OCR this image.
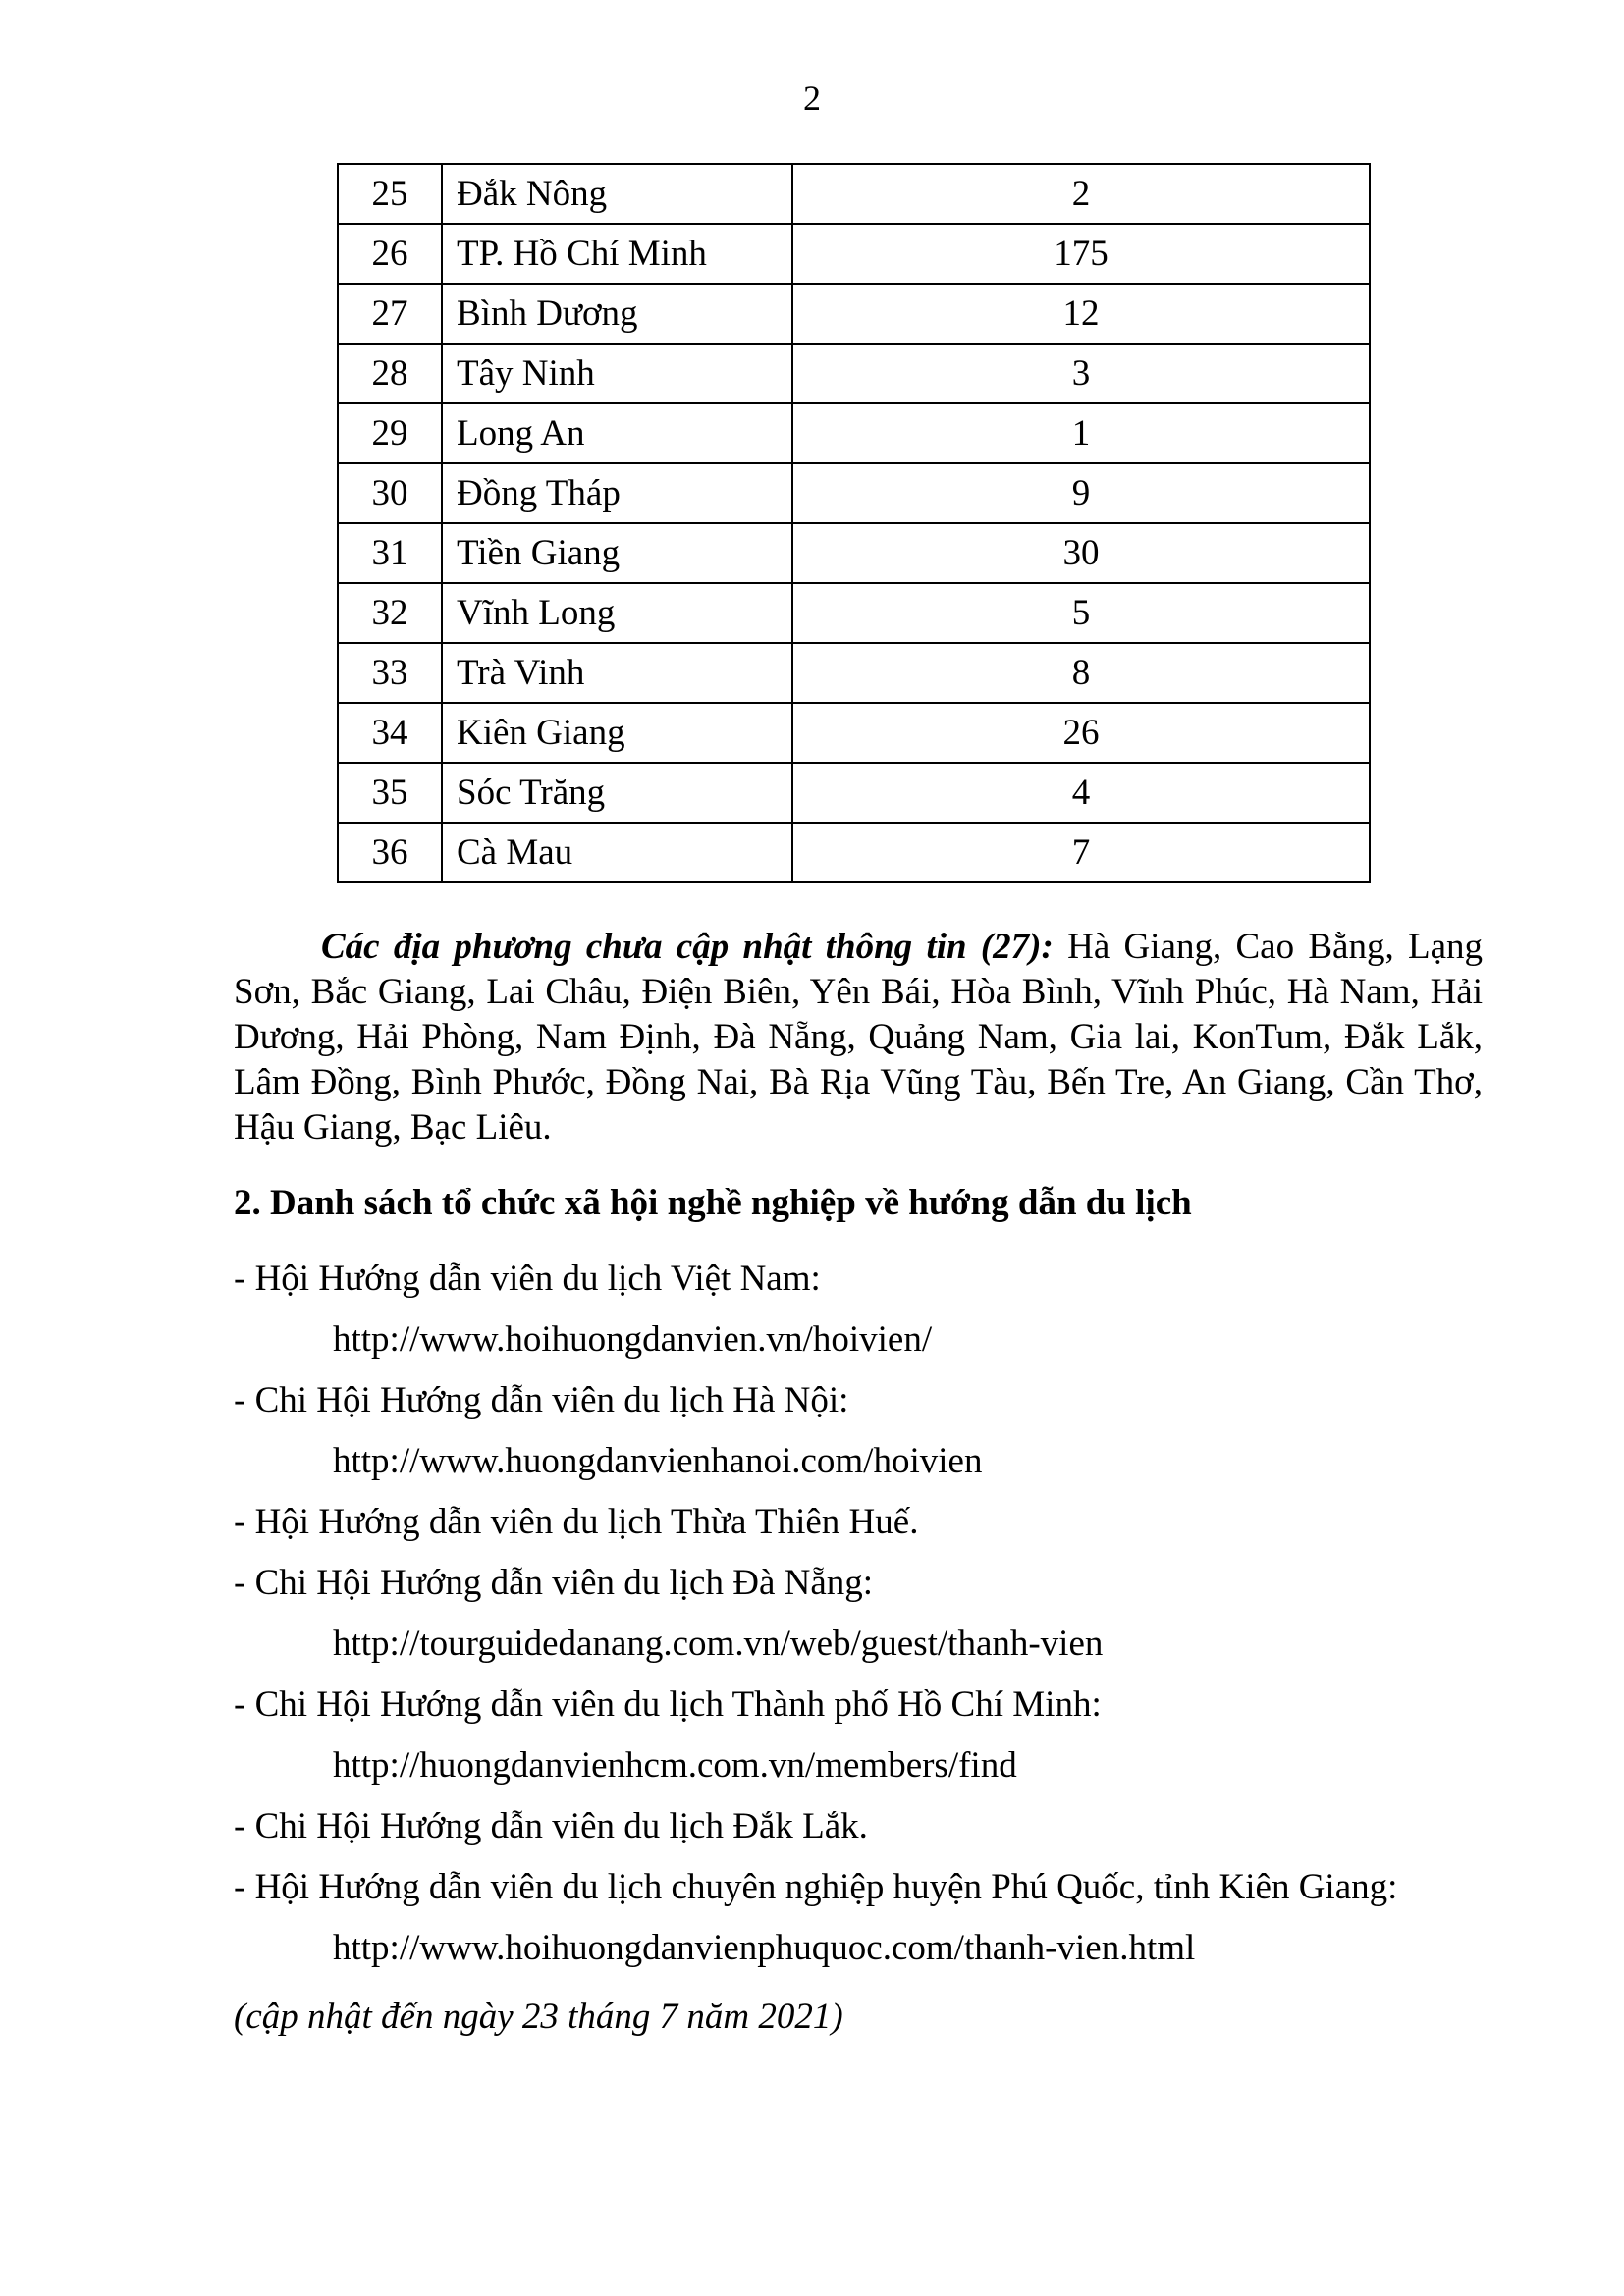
2
25	Đắk Nông	2
26	TP. Hồ Chí Minh	175
27	Bình Dương	12
28	Tây Ninh	3
29	Long An	1
30	Đồng Tháp	9
31	Tiền Giang	30
32	Vĩnh Long	5
33	Trà Vinh	8
34	Kiên Giang	26
35	Sóc Trăng	4
36	Cà Mau	7

Các địa phương chưa cập nhật thông tin (27): Hà Giang, Cao Bằng, Lạng Sơn, Bắc Giang, Lai Châu, Điện Biên, Yên Bái, Hòa Bình, Vĩnh Phúc, Hà Nam, Hải Dương, Hải Phòng, Nam Định, Đà Nẵng, Quảng Nam, Gia lai, KonTum, Đắk Lắk, Lâm Đồng, Bình Phước, Đồng Nai, Bà Rịa Vũng Tàu, Bến Tre, An Giang, Cần Thơ, Hậu Giang, Bạc Liêu.

2. Danh sách tổ chức xã hội nghề nghiệp về hướng dẫn du lịch
- Hội Hướng dẫn viên du lịch Việt Nam:
http://www.hoihuongdanvien.vn/hoivien/
- Chi Hội Hướng dẫn viên du lịch Hà Nội:
http://www.huongdanvienhanoi.com/hoivien
- Hội Hướng dẫn viên du lịch Thừa Thiên Huế.
- Chi Hội Hướng dẫn viên du lịch Đà Nẵng:
http://tourguidedanang.com.vn/web/guest/thanh-vien
- Chi Hội Hướng dẫn viên du lịch Thành phố Hồ Chí Minh:
http://huongdanvienhcm.com.vn/members/find
- Chi Hội Hướng dẫn viên du lịch Đắk Lắk.
- Hội Hướng dẫn viên du lịch chuyên nghiệp huyện Phú Quốc, tỉnh Kiên Giang:
http://www.hoihuongdanvienphuquoc.com/thanh-vien.html
(cập nhật đến ngày 23 tháng 7 năm 2021)
